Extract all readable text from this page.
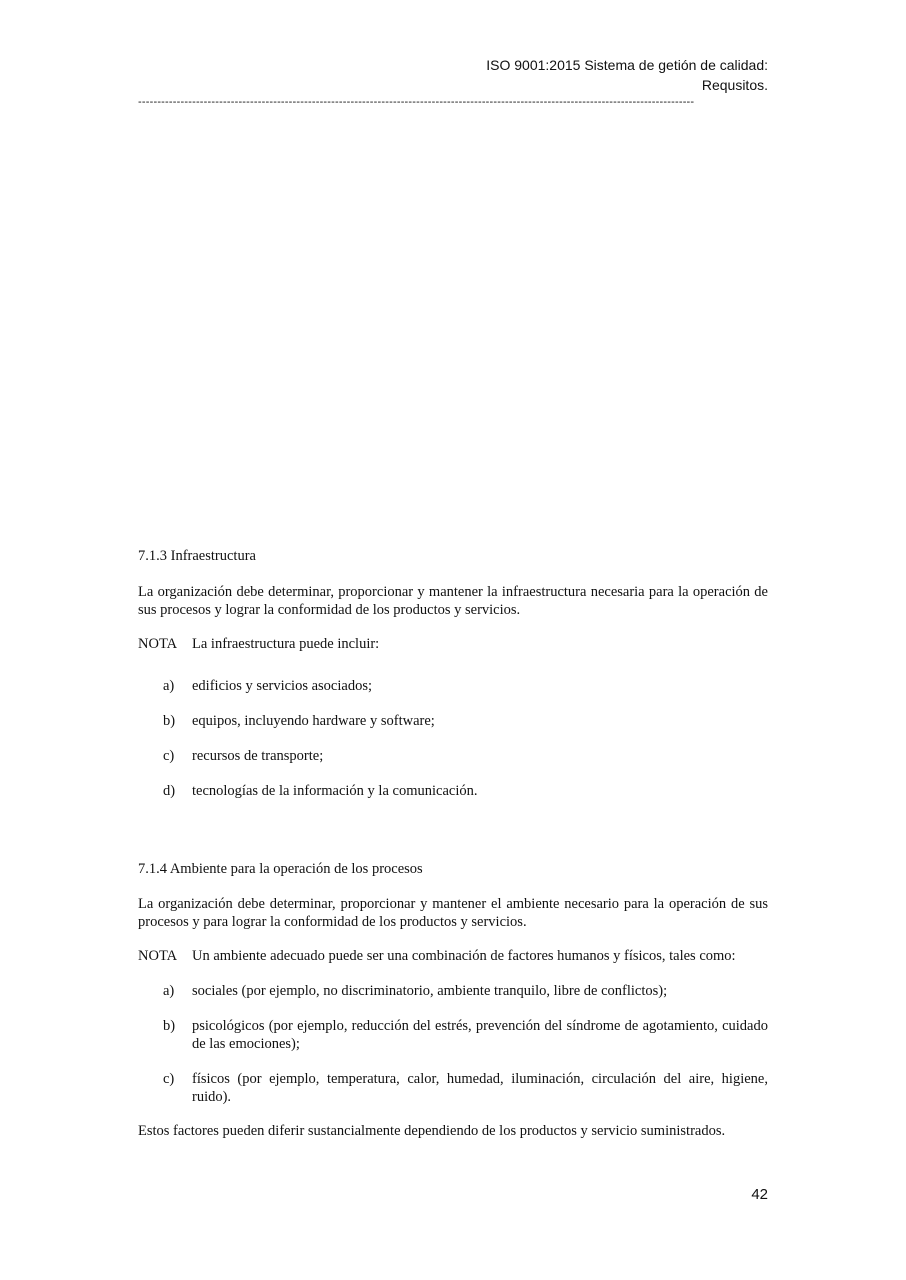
ISO 9001:2015 Sistema de getión de calidad:
Requsitos.
------------------------------------------------------------------------------------------------------------------------------------------------
7.1.3 Infraestructura
La organización debe determinar, proporcionar y mantener la infraestructura necesaria para la operación de sus procesos y lograr la conformidad de los productos y servicios.
NOTA	La infraestructura puede incluir:
a)	edificios y servicios asociados;
b)	equipos, incluyendo hardware y software;
c)	recursos de transporte;
d)	tecnologías de la información y la comunicación.
7.1.4 Ambiente para la operación de los procesos
La organización debe determinar, proporcionar y mantener el ambiente necesario para la operación de sus procesos y para lograr la conformidad de los productos y servicios.
NOTA	Un ambiente adecuado puede ser una combinación de factores humanos y físicos, tales como:
a)	sociales (por ejemplo, no discriminatorio, ambiente tranquilo, libre de conflictos);
b)	psicológicos (por ejemplo, reducción del estrés, prevención del síndrome de agotamiento, cuidado de las emociones);
c)	físicos (por ejemplo, temperatura, calor, humedad, iluminación, circulación del aire, higiene, ruido).
Estos factores pueden diferir sustancialmente dependiendo de los productos y servicio suministrados.
42
